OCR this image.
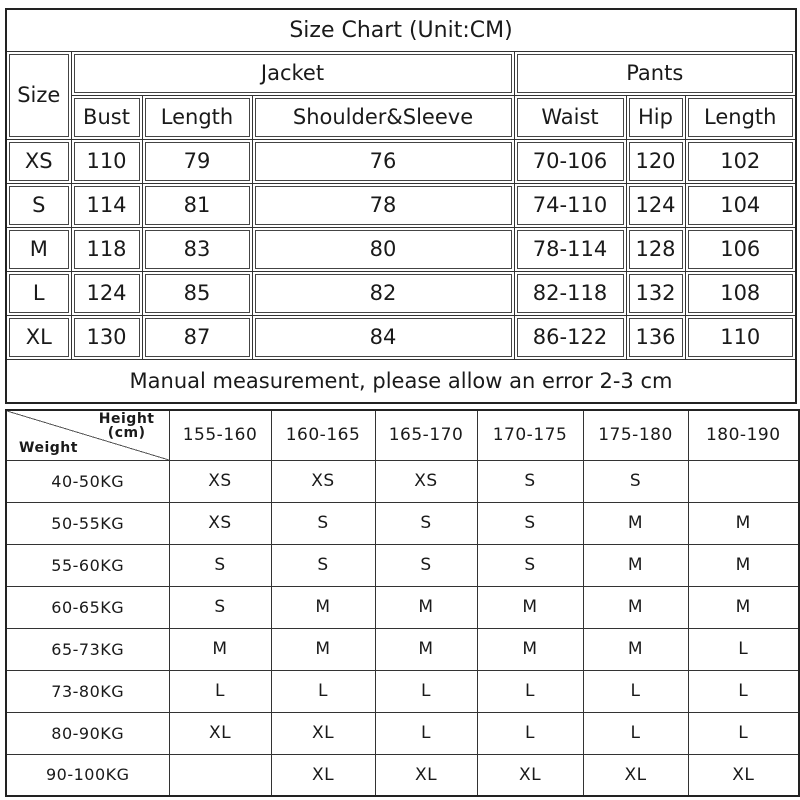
Size Chart (Unit:CM)						
Size	Jacket			Pants		
	Bust	Length	Shoulder&Sleeve	Waist	Hip	Length
XS	110	79	76	70-106	120	102
S	114	81	78	74-110	124	104
M	118	83	80	78-114	128	106
L	124	85	82	82-118	132	108
XL	130	87	84	86-122	136	110
Manual measurement, please allow an error 2-3 cm						
Height
(cm)
Weight	155-160	160-165	165-170	170-175	175-180	180-190
40-50KG	XS	XS	XS	S	S	
50-55KG	XS	S	S	S	M	M
55-60KG	S	S	S	S	M	M
60-65KG	S	M	M	M	M	M
65-73KG	M	M	M	M	M	L
73-80KG	L	L	L	L	L	L
80-90KG	XL	XL	L	L	L	L
90-100KG		XL	XL	XL	XL	XL
